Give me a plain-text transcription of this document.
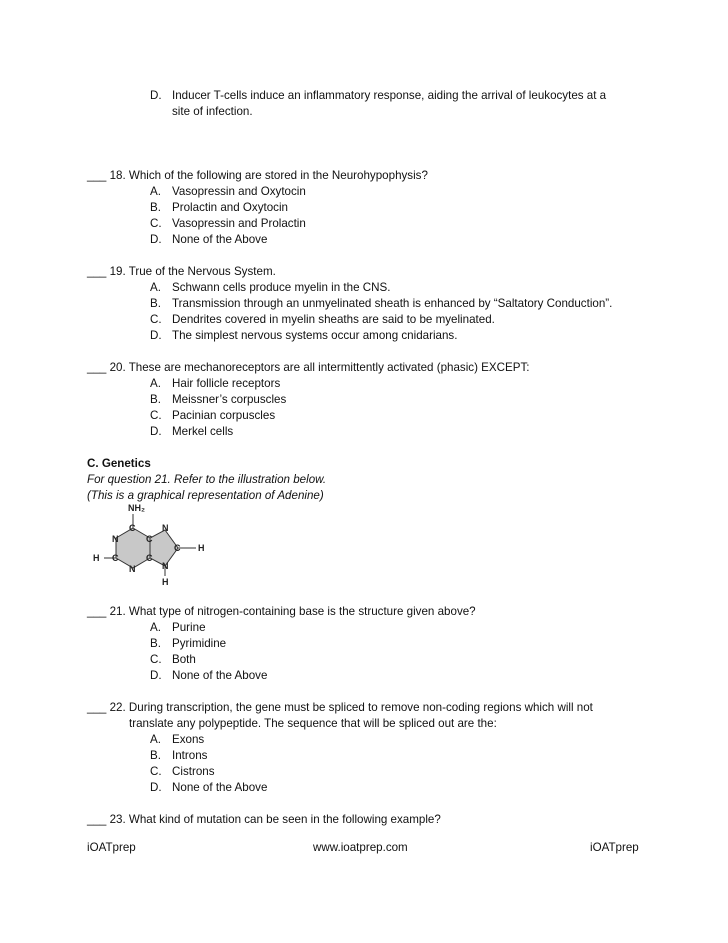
D. Inducer T-cells induce an inflammatory response, aiding the arrival of leukocytes at a
site of infection.
___ 18. Which of the following are stored in the Neurohypophysis?
A. Vasopressin and Oxytocin
B. Prolactin and Oxytocin
C. Vasopressin and Prolactin
D. None of the Above
___ 19. True of the Nervous System.
A. Schwann cells produce myelin in the CNS.
B. Transmission through an unmyelinated sheath is enhanced by “Saltatory Conduction”.
C. Dendrites covered in myelin sheaths are said to be myelinated.
D. The simplest nervous systems occur among cnidarians.
___ 20. These are mechanoreceptors are all intermittently activated (phasic) EXCEPT:
A. Hair follicle receptors
B. Meissner’s corpuscles
C. Pacinian corpuscles
D. Merkel cells
C. Genetics
For question 21. Refer to the illustration below.
(This is a graphical representation of Adenine)
NH₂
C
N	C
N
C
C
C
N	N
H
H
H
___ 21. What type of nitrogen-containing base is the structure given above?
A. Purine
B. Pyrimidine
C. Both
D. None of the Above
___ 22. During transcription, the gene must be spliced to remove non-coding regions which will not
translate any polypeptide. The sequence that will be spliced out are the:
A. Exons
B. Introns
C. Cistrons
D. None of the Above
___ 23. What kind of mutation can be seen in the following example?
iOATprep	www.ioatprep.com	iOATprep
